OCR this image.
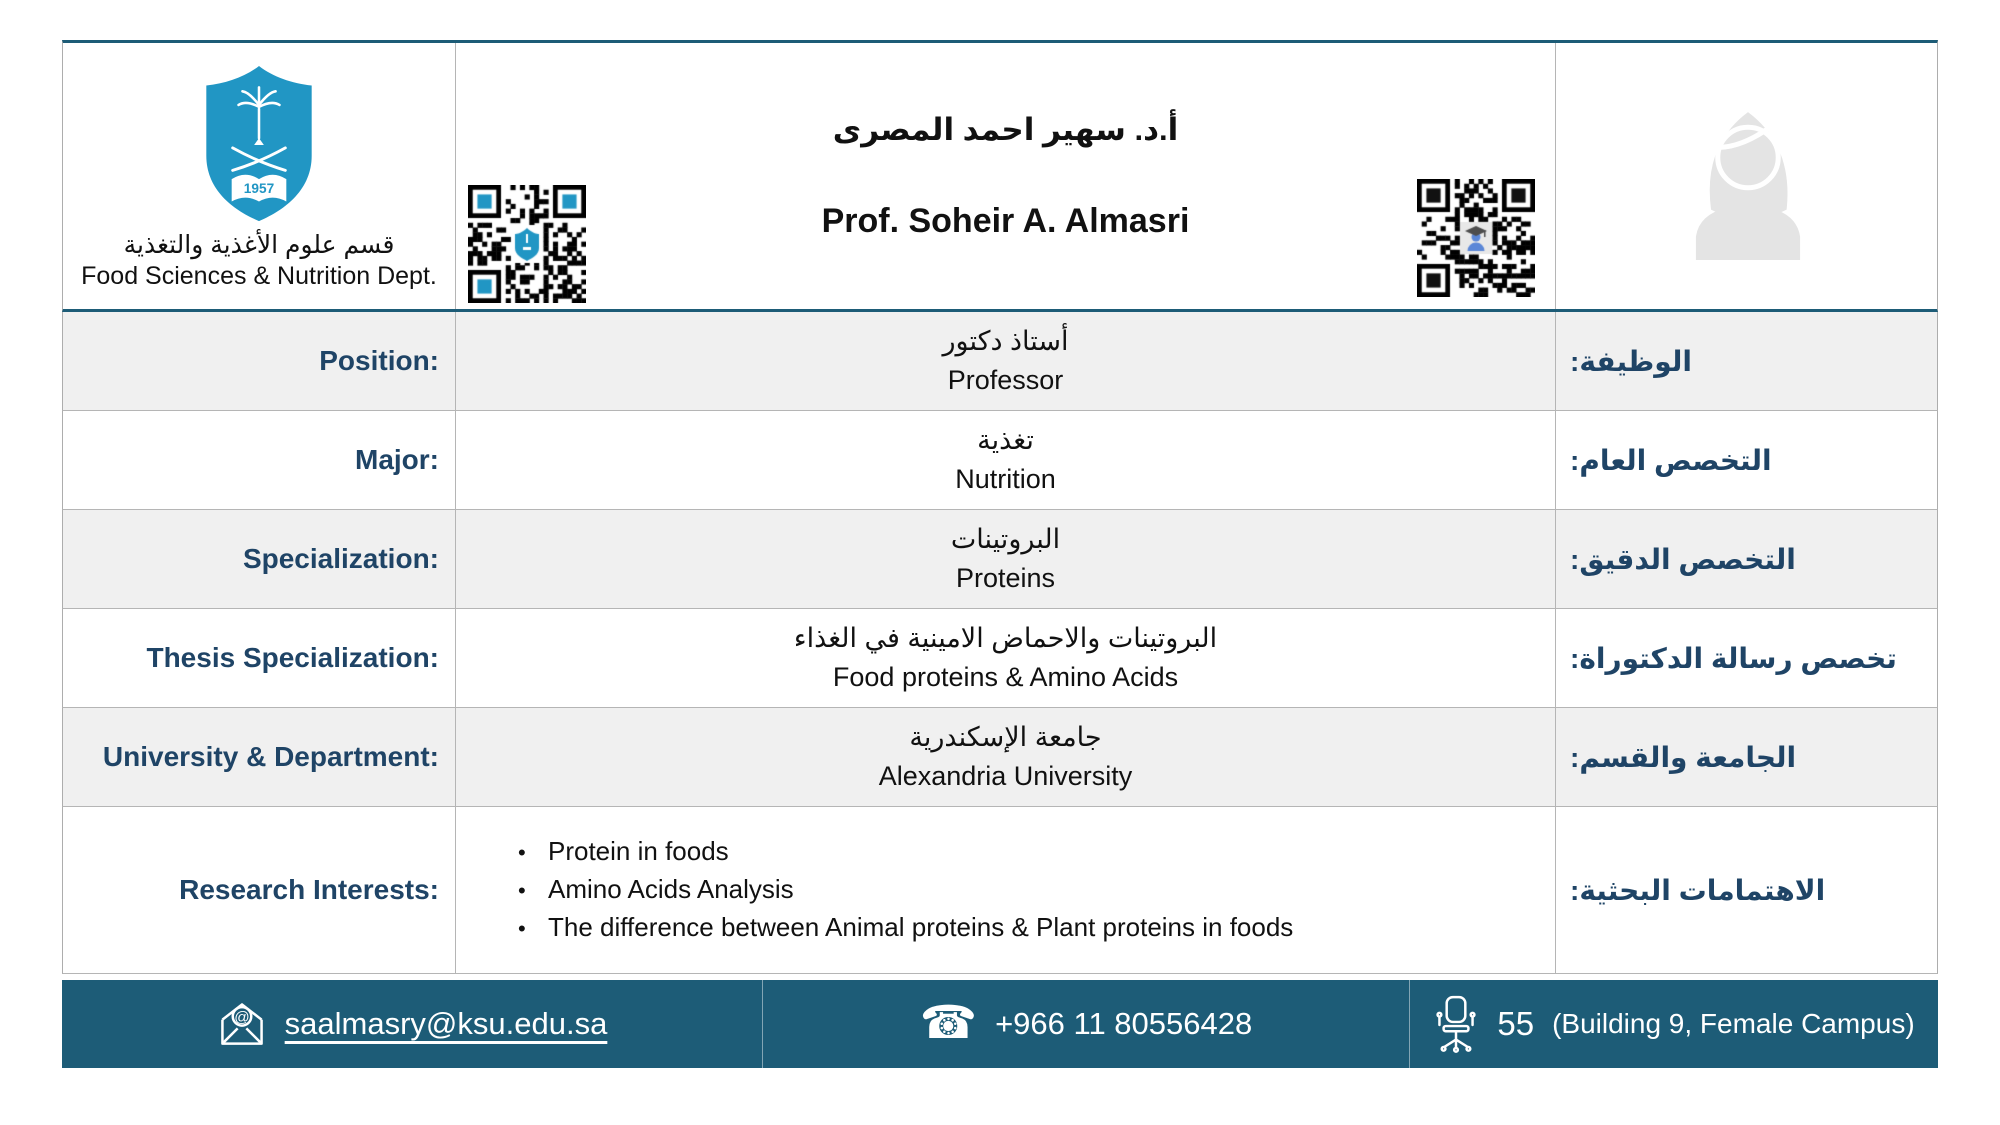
1957
قسم علوم الأغذية والتغذية
Food Sciences & Nutrition Dept.
أ.د. سهير احمد المصرى
Prof. Soheir A. Almasri
Position:
أستاذ دكتور
Professor
الوظيفة:
Major:
تغذية
Nutrition
التخصص العام:
Specialization:
البروتينات
Proteins
التخصص الدقيق:
Thesis Specialization:
البروتينات والاحماض الامينية في الغذاء
Food proteins & Amino Acids
تخصص رسالة الدكتوراة:
University & Department:
جامعة الإسكندرية
Alexandria University
الجامعة والقسم:
Research Interests:
• Protein in foods
• Amino Acids Analysis
• The difference between Animal proteins & Plant proteins in foods
الاهتمامات البحثية:
@ saalmasry@ksu.edu.sa	☎ +966 11 80556428	55 (Building 9, Female Campus)
